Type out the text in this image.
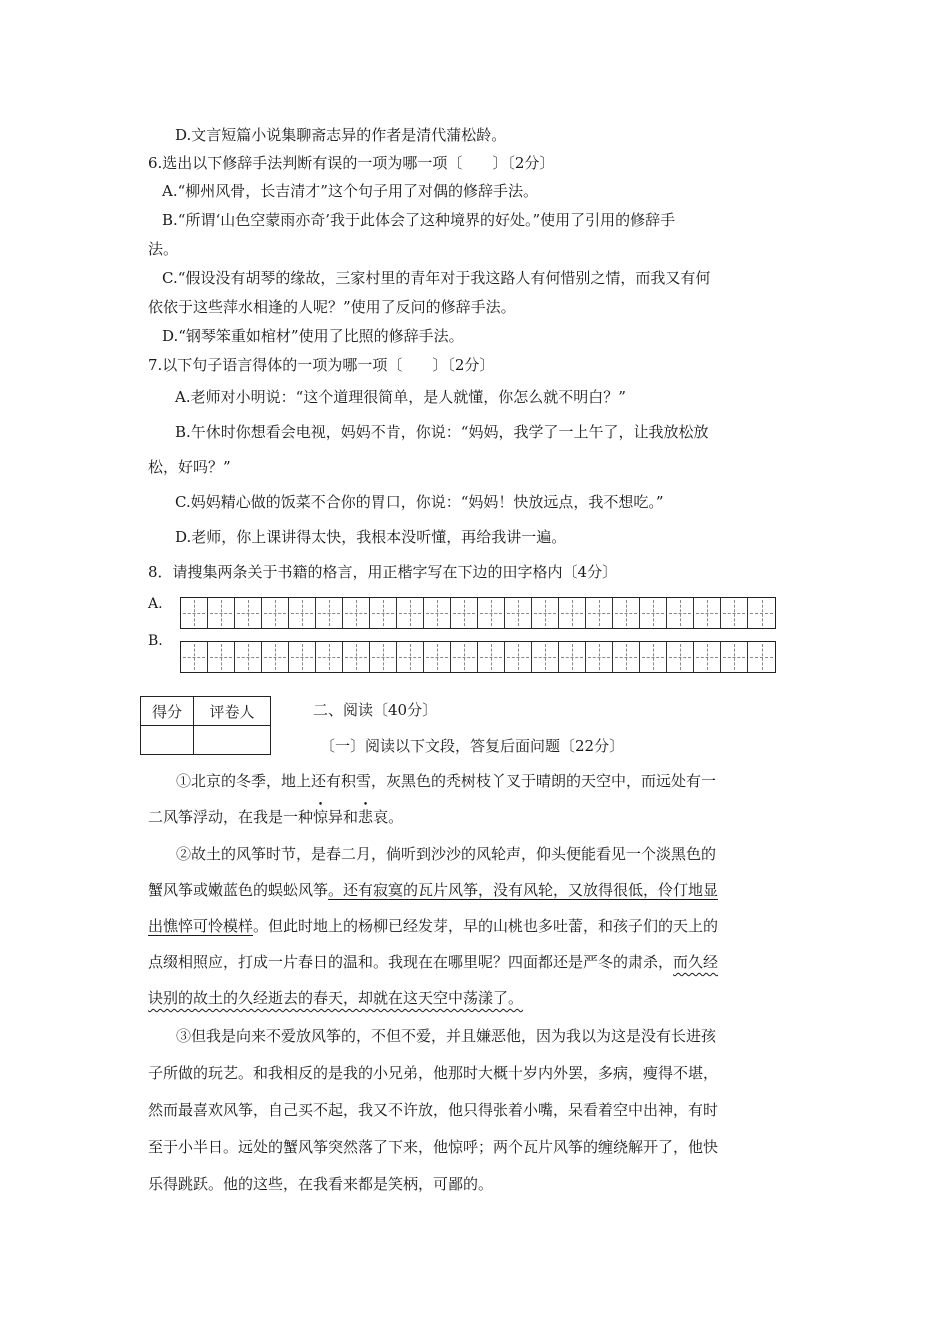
D.文言短篇小说集聊斋志异的作者是清代蒲松龄。
6.选出以下修辞手法判断有误的一项为哪一项〔　　〕〔2分〕
A.“柳州风骨，长吉清才”这个句子用了对偶的修辞手法。
B.“所谓‘山色空蒙雨亦奇’我于此体会了这种境界的好处。”使用了引用的修辞手
法。
C.“假设没有胡琴的缘故，三家村里的青年对于我这路人有何惜别之情，而我又有何
依依于这些萍水相逢的人呢？”使用了反问的修辞手法。
D.“钢琴笨重如棺材”使用了比照的修辞手法。
7.以下句子语言得体的一项为哪一项〔　　〕〔2分〕
A.老师对小明说：“这个道理很简单，是人就懂，你怎么就不明白？”
B.午休时你想看会电视，妈妈不肯，你说：“妈妈，我学了一上午了，让我放松放
松，好吗？”
C.妈妈精心做的饭菜不合你的胃口，你说：“妈妈！快放远点，我不想吃。”
D.老师，你上课讲得太快，我根本没听懂，再给我讲一遍。
8．请搜集两条关于书籍的格言，用正楷字写在下边的田字格内〔4分〕
A.
B.
得分	评卷人
		二、阅读〔40分〕
〔一〕阅读以下文段，答复后面问题〔22分〕
①北京的冬季，地上还有积雪，灰黑色的秃树枝丫叉于晴朗的天空中，而远处有一
二风筝浮动，在我是一种惊异和悲哀。
②故土的风筝时节，是春二月，倘听到沙沙的风轮声，仰头便能看见一个淡黑色的
蟹风筝或嫩蓝色的蜈蚣风筝。还有寂寞的瓦片风筝，没有风轮，又放得很低，伶仃地显
出憔悴可怜模样。但此时地上的杨柳已经发芽，早的山桃也多吐蕾，和孩子们的天上的
点缀相照应，打成一片春日的温和。我现在在哪里呢？四面都还是严冬的肃杀，而久经
诀别的故土的久经逝去的春天，却就在这天空中荡漾了。
③但我是向来不爱放风筝的，不但不爱，并且嫌恶他，因为我以为这是没有长进孩
子所做的玩艺。和我相反的是我的小兄弟，他那时大概十岁内外罢，多病，瘦得不堪，
然而最喜欢风筝，自己买不起，我又不许放，他只得张着小嘴，呆看着空中出神，有时
至于小半日。远处的蟹风筝突然落了下来，他惊呼；两个瓦片风筝的缠绕解开了，他快
乐得跳跃。他的这些，在我看来都是笑柄，可鄙的。
